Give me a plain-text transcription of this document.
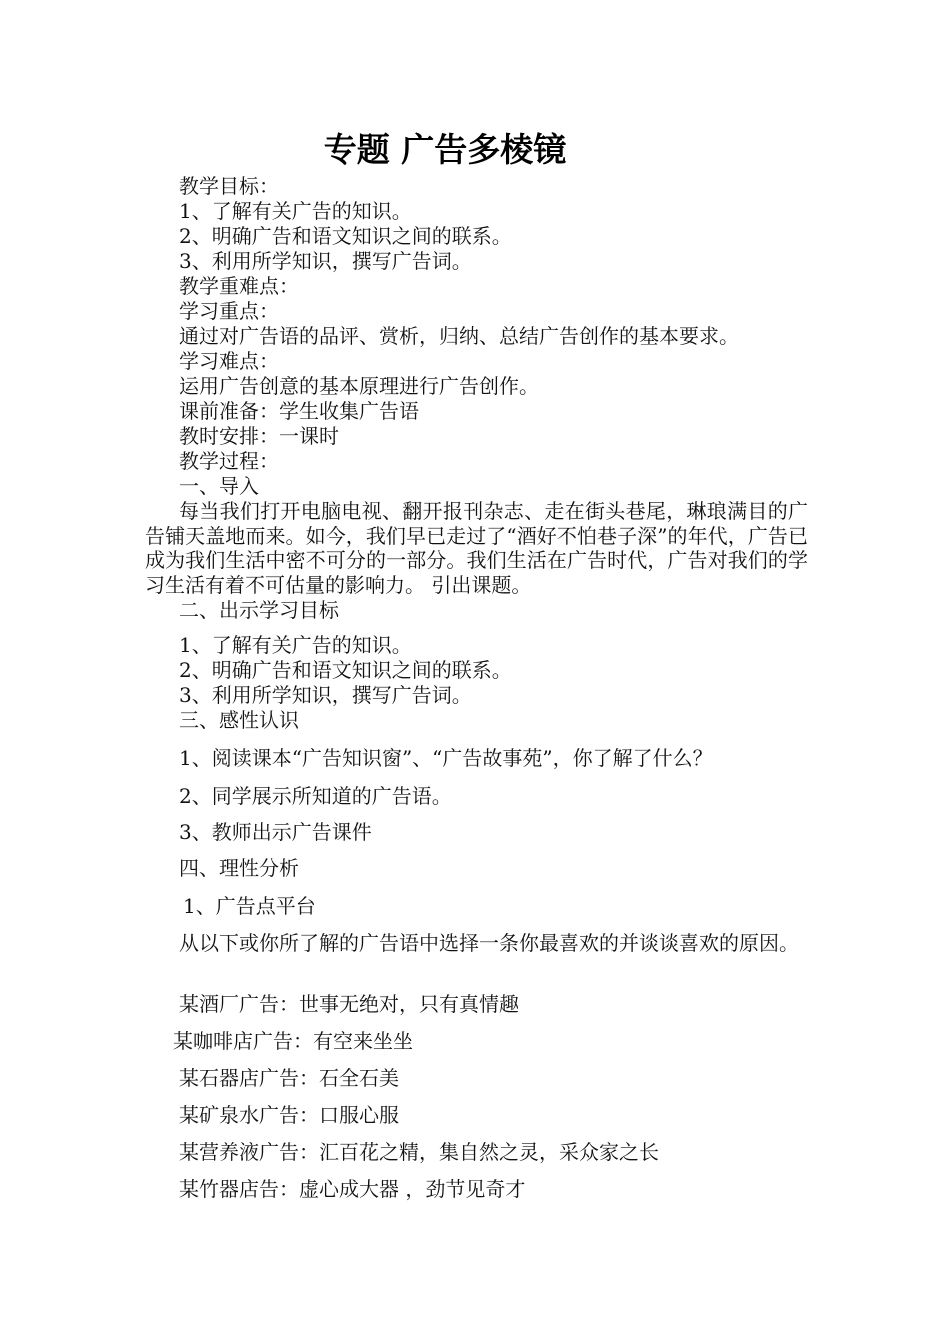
专题 广告多棱镜
教学目标：
1、了解有关广告的知识。
2、明确广告和语文知识之间的联系。
3、利用所学知识，撰写广告词。
教学重难点：
学习重点：
通过对广告语的品评、赏析，归纳、总结广告创作的基本要求。
学习难点：
运用广告创意的基本原理进行广告创作。
课前准备：学生收集广告语
教时安排：一课时
教学过程：
一、导入

每当我们打开电脑电视、翻开报刊杂志、走在街头巷尾，琳琅满目的广告铺天盖地而来。如今，我们早已走过了“酒好不怕巷子深”的年代，广告已成为我们生活中密不可分的一部分。我们生活在广告时代，广告对我们的学习生活有着不可估量的影响力。 引出课题。

二、出示学习目标
1、了解有关广告的知识。
2、明确广告和语文知识之间的联系。
3、利用所学知识，撰写广告词。
三、感性认识
1、阅读课本“广告知识窗”、“广告故事苑”，你了解了什么？
2、同学展示所知道的广告语。
3、教师出示广告课件
四、理性分析
1、广告点平台

从以下或你所了解的广告语中选择一条你最喜欢的并谈谈喜欢的原因。

某酒厂广告：世事无绝对，只有真情趣
某咖啡店广告：有空来坐坐
某石器店广告：石全石美
某矿泉水广告：口服心服
某营养液广告：汇百花之精，集自然之灵，采众家之长
某竹器店告：虚心成大器 ，劲节见奇才
